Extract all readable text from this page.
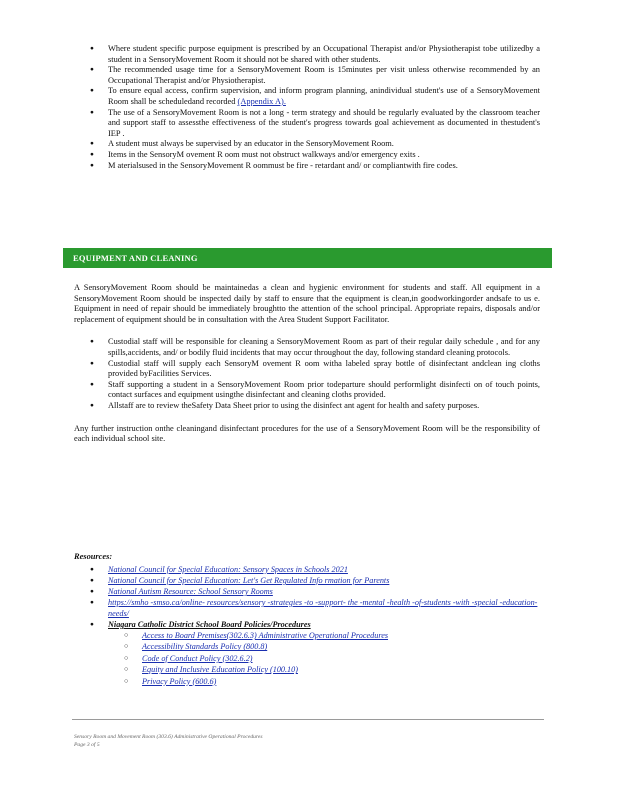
● Where student specific purpose equipment is prescribed by an Occupational Therapist and/or Physiotherapist tobe utilizedby a student in a SensoryMovement Room it should not be shared with other students.
● The recommended usage time for a SensoryMovement Room is 15minutes per visit unless otherwise recommended by an Occupational Therapist and/or Physiotherapist.
● To ensure equal access, confirm supervision, and inform program planning, anindividual student's use of a SensoryMovement Room shall be scheduledand recorded (Appendix A).
● The use of a SensoryMovement Room is not a long - term strategy and should be regularly evaluated by the classroom teacher and support staff to assessthe effectiveness of the student's progress towards goal achievement as documented in thestudent's IEP .
● A student must always be supervised by an educator in the SensoryMovement Room.
● Items in the SensoryM ovement R oom must not obstruct walkways and/or emergency exits .
● M aterialsused in the SensoryMovement R oommust be fire - retardant and/ or compliantwith fire codes.
EQUIPMENT AND CLEANING
A SensoryMovement Room should be maintainedas a clean and hygienic environment for students and staff. All equipment in a SensoryMovement Room should be inspected daily by staff to ensure that the equipment is clean,in goodworkingorder andsafe to us e. Equipment in need of repair should be immediately broughtto the attention of the school principal. Appropriate repairs, disposals and/or replacement of equipment should be in consultation with the Area Student Support Facilitator.
● Custodial staff will be responsible for cleaning a SensoryMovement Room as part of their regular daily schedule , and for any spills,accidents, and/ or bodily fluid incidents that may occur throughout the day, following standard cleaning protocols.
● Custodial staff will supply each SensoryM ovement R oom witha labeled spray bottle of disinfectant andclean ing cloths provided byFacilities Services.
● Staff supporting a student in a SensoryMovement Room prior todeparture should performlight disinfecti on of touch points, contact surfaces and equipment usingthe disinfectant and cleaning cloths provided.
● Allstaff are to review theSafety Data Sheet prior to using the disinfect ant agent for health and safety purposes.
Any further instruction onthe cleaningand disinfectant procedures for the use of a SensoryMovement Room will be the responsibility of each individual school site.
Resources:
● National Council for Special Education: Sensory Spaces in Schools 2021
● National Council for Special Education: Let's Get Regulated Info rmation for Parents
● National Autism Resource: School Sensory Rooms
● https://smho -smso.ca/online- resources/sensory -strategies -to -support- the -mental -health -of-students -with -special -education- needs/
● Niagara Catholic District School Board Policies/Procedures
○ Access to Board Premises(302.6.3) Administrative Operational Procedures
○ Accessibility Standards Policy (800.8)
○ Code of Conduct Policy (302.6.2)
○ Equity and Inclusive Education Policy (100.10)
○ Privacy Policy (600.6)
Sensory Room and Movement Room (303.6) Administrative Operational Procedures
Page 3 of 5
